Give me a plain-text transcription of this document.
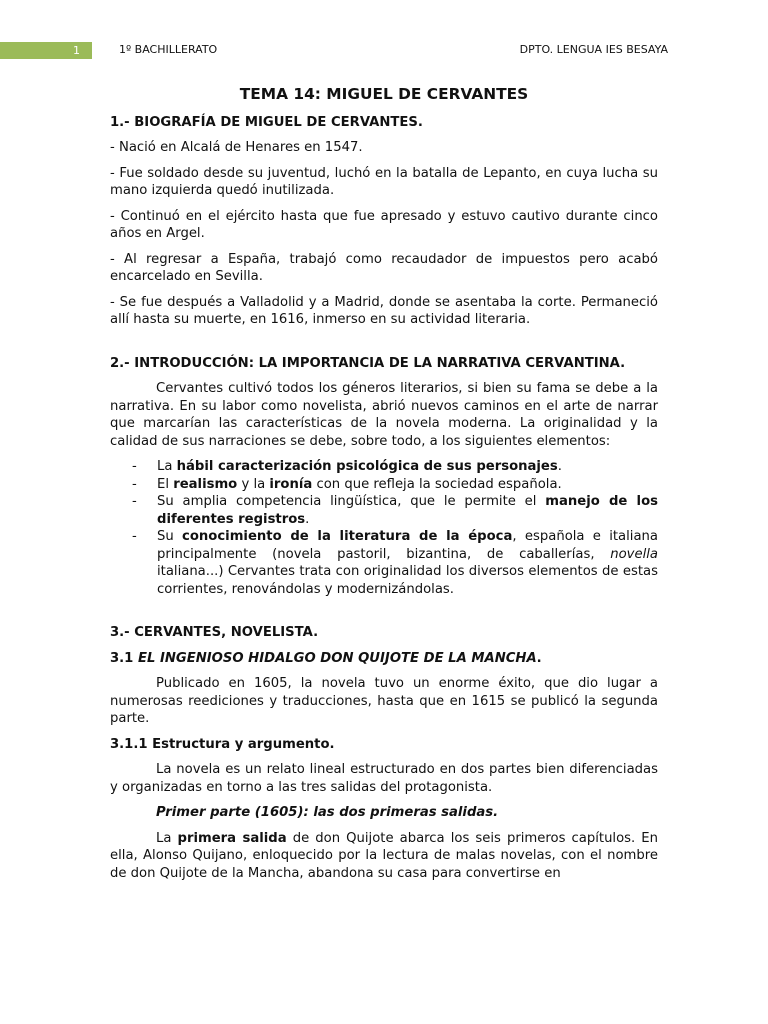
1	1º BACHILLERATO	DPTO. LENGUA IES BESAYA
TEMA 14: MIGUEL DE CERVANTES
1.- BIOGRAFÍA DE MIGUEL DE CERVANTES.

- Nació en Alcalá de Henares en 1547.

- Fue soldado desde su juventud, luchó en la batalla de Lepanto, en cuya lucha su mano izquierda quedó inutilizada.

- Continuó en el ejército hasta que fue apresado y estuvo cautivo durante cinco años en Argel.

- Al regresar a España, trabajó como recaudador de impuestos pero acabó encarcelado en Sevilla.

- Se fue después a Valladolid y a Madrid, donde se asentaba la corte. Permaneció allí hasta su muerte, en 1616, inmerso en su actividad literaria.

2.- INTRODUCCIÓN: LA IMPORTANCIA DE LA NARRATIVA CERVANTINA.

Cervantes cultivó todos los géneros literarios, si bien su fama se debe a la narrativa. En su labor como novelista, abrió nuevos caminos en el arte de narrar que marcarían las características de la novela moderna. La originalidad y la calidad de sus narraciones se debe, sobre todo, a los siguientes elementos:

- La hábil caracterización psicológica de sus personajes.
- El realismo y la ironía con que refleja la sociedad española.
- Su amplia competencia lingüística, que le permite el manejo de los diferentes registros.
- Su conocimiento de la literatura de la época, española e italiana principalmente (novela pastoril, bizantina, de caballerías, novella italiana...) Cervantes trata con originalidad los diversos elementos de estas corrientes, renovándolas y modernizándolas.
3.- CERVANTES, NOVELISTA.
3.1 EL INGENIOSO HIDALGO DON QUIJOTE DE LA MANCHA.

Publicado en 1605, la novela tuvo un enorme éxito, que dio lugar a numerosas reediciones y traducciones, hasta que en 1615 se publicó la segunda parte.

3.1.1 Estructura y argumento.

La novela es un relato lineal estructurado en dos partes bien diferenciadas y organizadas en torno a las tres salidas del protagonista.

Primer parte (1605): las dos primeras salidas.

La primera salida de don Quijote abarca los seis primeros capítulos. En ella, Alonso Quijano, enloquecido por la lectura de malas novelas, con el nombre de don Quijote de la Mancha, abandona su casa para convertirse en
